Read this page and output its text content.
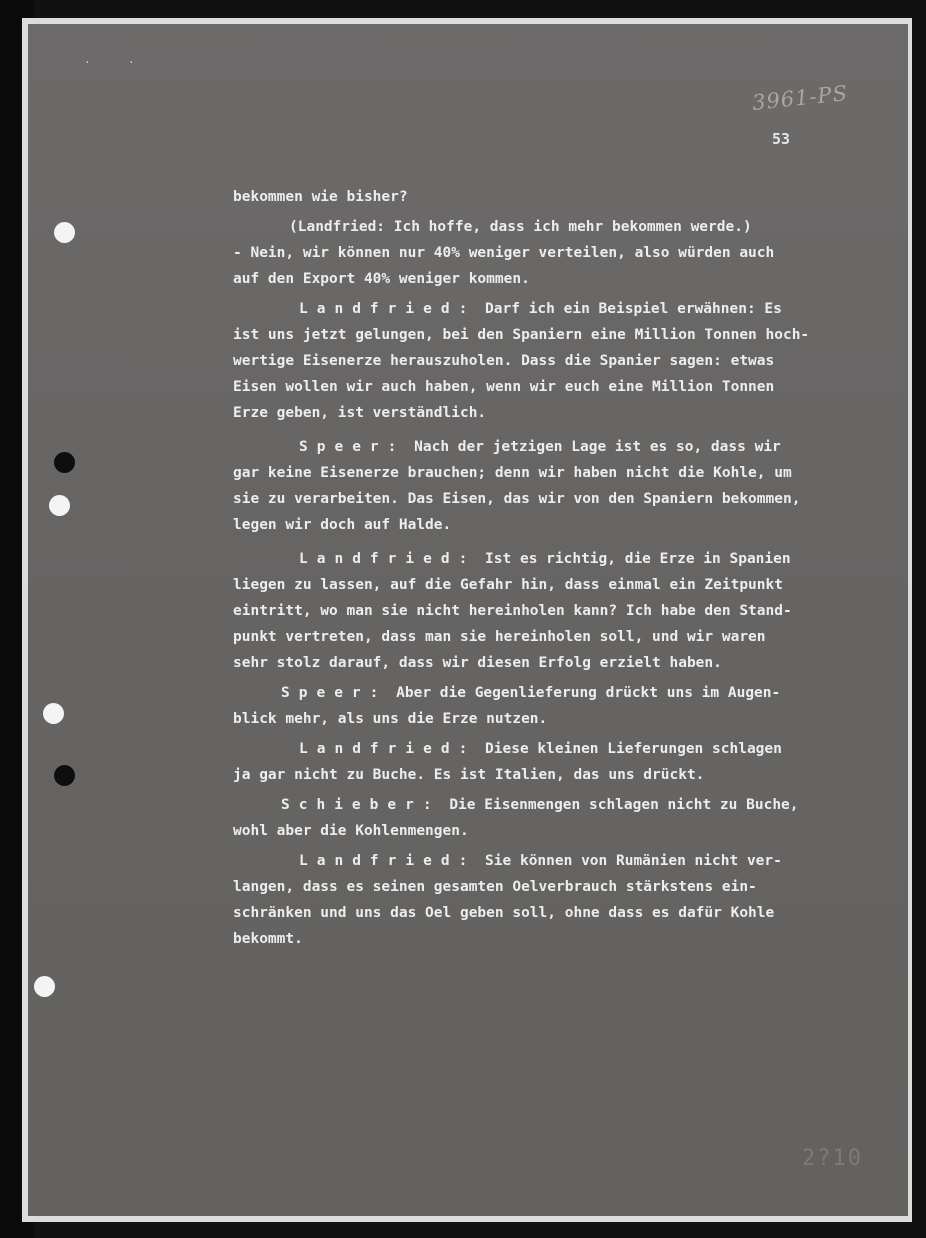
·	·
3961-PS
53
bekommen wie bisher?
(Landfried: Ich hoffe, dass ich mehr bekommen werde.)
- Nein, wir können nur 40% weniger verteilen, also würden auch
auf den Export 40% weniger kommen.
Landfried: Darf ich ein Beispiel erwähnen: Es
ist uns jetzt gelungen, bei den Spaniern eine Million Tonnen hoch-
wertige Eisenerze herauszuholen. Dass die Spanier sagen: etwas
Eisen wollen wir auch haben, wenn wir euch eine Million Tonnen
Erze geben, ist verständlich.
Speer: Nach der jetzigen Lage ist es so, dass wir
gar keine Eisenerze brauchen; denn wir haben nicht die Kohle, um
sie zu verarbeiten. Das Eisen, das wir von den Spaniern bekommen,
legen wir doch auf Halde.
Landfried: Ist es richtig, die Erze in Spanien
liegen zu lassen, auf die Gefahr hin, dass einmal ein Zeitpunkt
eintritt, wo man sie nicht hereinholen kann? Ich habe den Stand-
punkt vertreten, dass man sie hereinholen soll, und wir waren
sehr stolz darauf, dass wir diesen Erfolg erzielt haben.
Speer: Aber die Gegenlieferung drückt uns im Augen-
blick mehr, als uns die Erze nutzen.
Landfried: Diese kleinen Lieferungen schlagen
ja gar nicht zu Buche. Es ist Italien, das uns drückt.
Schieber: Die Eisenmengen schlagen nicht zu Buche,
wohl aber die Kohlenmengen.
Landfried: Sie können von Rumänien nicht ver-
langen, dass es seinen gesamten Oelverbrauch stärkstens ein-
schränken und uns das Oel geben soll, ohne dass es dafür Kohle
bekommt.
2?10
